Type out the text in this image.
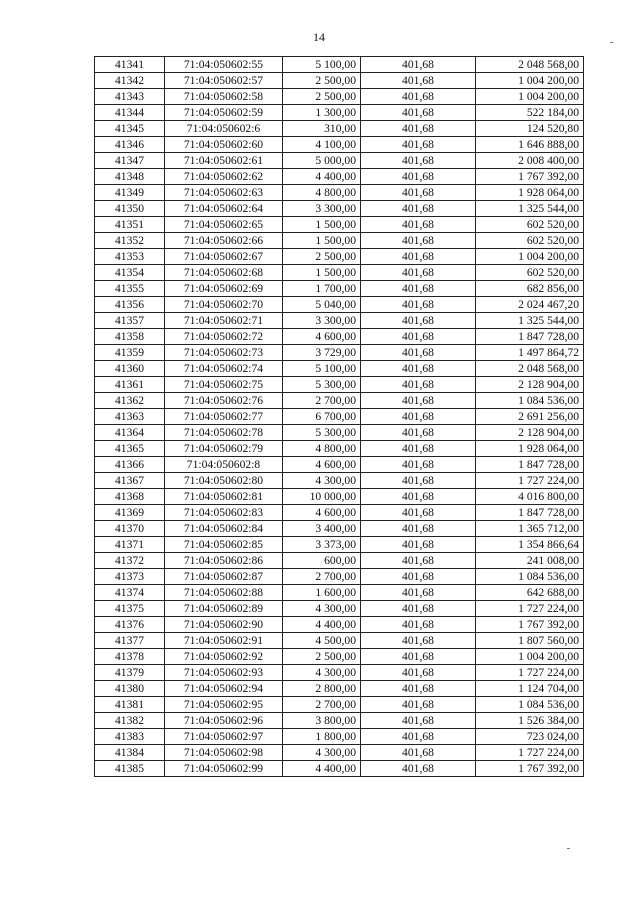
14
41341	71:04:050602:55	5 100,00	401,68	2 048 568,00
41342	71:04:050602:57	2 500,00	401,68	1 004 200,00
41343	71:04:050602:58	2 500,00	401,68	1 004 200,00
41344	71:04:050602:59	1 300,00	401,68	522 184,00
41345	71:04:050602:6	310,00	401,68	124 520,80
41346	71:04:050602:60	4 100,00	401,68	1 646 888,00
41347	71:04:050602:61	5 000,00	401,68	2 008 400,00
41348	71:04:050602:62	4 400,00	401,68	1 767 392,00
41349	71:04:050602:63	4 800,00	401,68	1 928 064,00
41350	71:04:050602:64	3 300,00	401,68	1 325 544,00
41351	71:04:050602:65	1 500,00	401,68	602 520,00
41352	71:04:050602:66	1 500,00	401,68	602 520,00
41353	71:04:050602:67	2 500,00	401,68	1 004 200,00
41354	71:04:050602:68	1 500,00	401,68	602 520,00
41355	71:04:050602:69	1 700,00	401,68	682 856,00
41356	71:04:050602:70	5 040,00	401,68	2 024 467,20
41357	71:04:050602:71	3 300,00	401,68	1 325 544,00
41358	71:04:050602:72	4 600,00	401,68	1 847 728,00
41359	71:04:050602:73	3 729,00	401,68	1 497 864,72
41360	71:04:050602:74	5 100,00	401,68	2 048 568,00
41361	71:04:050602:75	5 300,00	401,68	2 128 904,00
41362	71:04:050602:76	2 700,00	401,68	1 084 536,00
41363	71:04:050602:77	6 700,00	401,68	2 691 256,00
41364	71:04:050602:78	5 300,00	401,68	2 128 904,00
41365	71:04:050602:79	4 800,00	401,68	1 928 064,00
41366	71:04:050602:8	4 600,00	401,68	1 847 728,00
41367	71:04:050602:80	4 300,00	401,68	1 727 224,00
41368	71:04:050602:81	10 000,00	401,68	4 016 800,00
41369	71:04:050602:83	4 600,00	401,68	1 847 728,00
41370	71:04:050602:84	3 400,00	401,68	1 365 712,00
41371	71:04:050602:85	3 373,00	401,68	1 354 866,64
41372	71:04:050602:86	600,00	401,68	241 008,00
41373	71:04:050602:87	2 700,00	401,68	1 084 536,00
41374	71:04:050602:88	1 600,00	401,68	642 688,00
41375	71:04:050602:89	4 300,00	401,68	1 727 224,00
41376	71:04:050602:90	4 400,00	401,68	1 767 392,00
41377	71:04:050602:91	4 500,00	401,68	1 807 560,00
41378	71:04:050602:92	2 500,00	401,68	1 004 200,00
41379	71:04:050602:93	4 300,00	401,68	1 727 224,00
41380	71:04:050602:94	2 800,00	401,68	1 124 704,00
41381	71:04:050602:95	2 700,00	401,68	1 084 536,00
41382	71:04:050602:96	3 800,00	401,68	1 526 384,00
41383	71:04:050602:97	1 800,00	401,68	723 024,00
41384	71:04:050602:98	4 300,00	401,68	1 727 224,00
41385	71:04:050602:99	4 400,00	401,68	1 767 392,00
